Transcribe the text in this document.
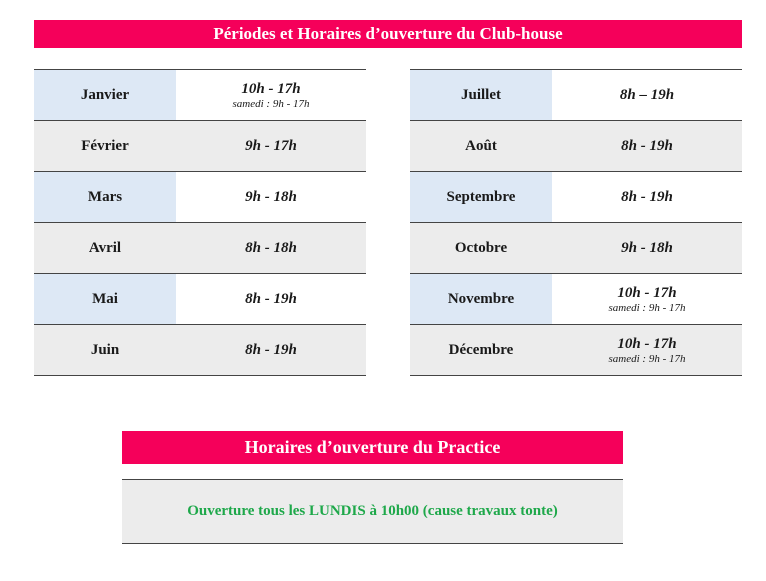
Périodes et Horaires d’ouverture du Club-house
Janvier	10h - 17h
samedi : 9h - 17h
Février	9h - 17h
Mars	9h - 18h
Avril	8h - 18h
Mai	8h - 19h
Juin	8h - 19h
Juillet	8h – 19h
Août	8h - 19h
Septembre	8h - 19h
Octobre	9h - 18h
Novembre	10h - 17h
samedi : 9h - 17h
Décembre	10h - 17h
samedi : 9h - 17h
Horaires d’ouverture du Practice
Ouverture tous les LUNDIS à 10h00 (cause travaux tonte)
